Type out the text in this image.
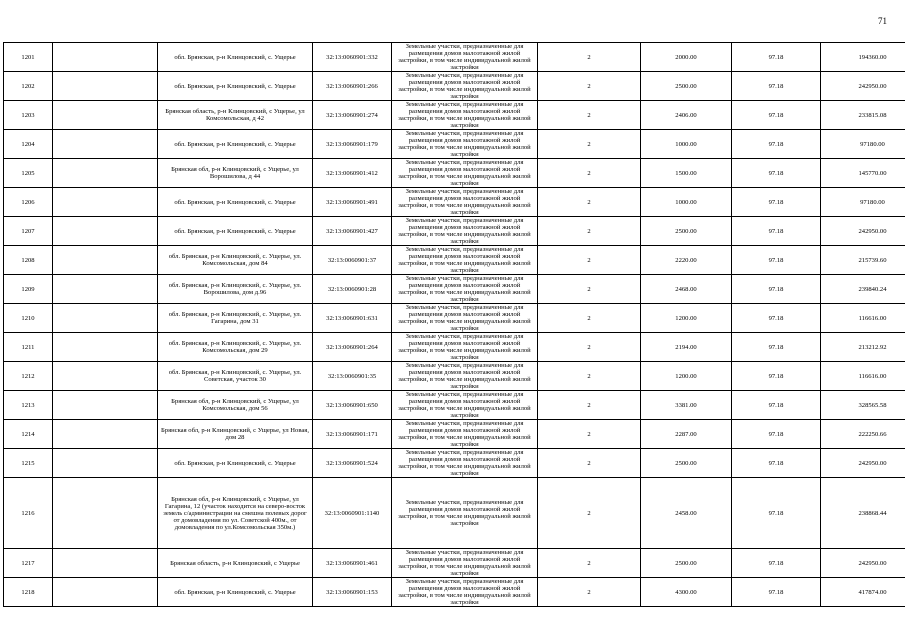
71
1201		обл. Брянская, р-н Клинцовский, с. Ущерье	32:13:0060901:332	Земельные участки, предназначенные для размещения домов малоэтажной жилой застройки, в том числе индивидуальной жилой застройки	2	2000.00	97.18	194360.00
1202		обл. Брянская, р-н Клинцовский, с. Ущерье	32:13:0060901:266	Земельные участки, предназначенные для размещения домов малоэтажной жилой застройки, в том числе индивидуальной жилой застройки	2	2500.00	97.18	242950.00
1203		Брянская область, р-н Клинцовский, с Ущерье, ул Комсомольская, д 42	32:13:0060901:274	Земельные участки, предназначенные для размещения домов малоэтажной жилой застройки, в том числе индивидуальной жилой застройки	2	2406.00	97.18	233815.08
1204		обл. Брянская, р-н Клинцовский, с. Ущерье	32:13:0060901:179	Земельные участки, предназначенные для размещения домов малоэтажной жилой застройки, в том числе индивидуальной жилой застройки	2	1000.00	97.18	97180.00
1205		Брянская обл, р-н Клинцовский, с Ущерье, ул Ворошилова, д 44	32:13:0060901:412	Земельные участки, предназначенные для размещения домов малоэтажной жилой застройки, в том числе индивидуальной жилой застройки	2	1500.00	97.18	145770.00
1206		обл. Брянская, р-н Клинцовский, с. Ущерье	32:13:0060901:491	Земельные участки, предназначенные для размещения домов малоэтажной жилой застройки, в том числе индивидуальной жилой застройки	2	1000.00	97.18	97180.00
1207		обл. Брянская, р-н Клинцовский, с. Ущерье	32:13:0060901:427	Земельные участки, предназначенные для размещения домов малоэтажной жилой застройки, в том числе индивидуальной жилой застройки	2	2500.00	97.18	242950.00
1208		обл. Брянская, р-н Клинцовский, с. Ущерье, ул. Комсомольская, дом 84	32:13:0060901:37	Земельные участки, предназначенные для размещения домов малоэтажной жилой застройки, в том числе индивидуальной жилой застройки	2	2220.00	97.18	215739.60
1209		обл. Брянская, р-н Клинцовский, с. Ущерье, ул. Ворошилова, дом д.96	32:13:0060901:28	Земельные участки, предназначенные для размещения домов малоэтажной жилой застройки, в том числе индивидуальной жилой застройки	2	2468.00	97.18	239840.24
1210		обл. Брянская, р-н Клинцовский, с. Ущерье, ул. Гагарина, дом 31	32:13:0060901:631	Земельные участки, предназначенные для размещения домов малоэтажной жилой застройки, в том числе индивидуальной жилой застройки	2	1200.00	97.18	116616.00
1211		обл. Брянская, р-н Клинцовский, с. Ущерье, ул. Комсомольская, дом 29	32:13:0060901:264	Земельные участки, предназначенные для размещения домов малоэтажной жилой застройки, в том числе индивидуальной жилой застройки	2	2194.00	97.18	213212.92
1212		обл. Брянская, р-н Клинцовский, с. Ущерье, ул. Советская, участок 30	32:13:0060901:35	Земельные участки, предназначенные для размещения домов малоэтажной жилой застройки, в том числе индивидуальной жилой застройки	2	1200.00	97.18	116616.00
1213		Брянская обл, р-н Клинцовский, с Ущерье, ул Комсомольская, дом 56	32:13:0060901:650	Земельные участки, предназначенные для размещения домов малоэтажной жилой застройки, в том числе индивидуальной жилой застройки	2	3381.00	97.18	328565.58
1214		Брянская обл, р-н Клинцовский, с Ущерье, ул Новая, дом 28	32:13:0060901:171	Земельные участки, предназначенные для размещения домов малоэтажной жилой застройки, в том числе индивидуальной жилой застройки	2	2287.00	97.18	222250.66
1215		обл. Брянская, р-н Клинцовский, с. Ущерье	32:13:0060901:524	Земельные участки, предназначенные для размещения домов малоэтажной жилой застройки, в том числе индивидуальной жилой застройки	2	2500.00	97.18	242950.00
1216		Брянская обл, р-н Клинцовский, с Ущерье, ул Гагарина, 12 (участок находится на северо-восток земель с/администрации на смешна полевых дорог от домовладения по ул. Советской 400м., от домовладения по ул.Комсомольская 350м.)	32:13:0060901:1140	Земельные участки, предназначенные для размещения домов малоэтажной жилой застройки, в том числе индивидуальной жилой застройки	2	2458.00	97.18	238868.44
1217		Брянская область, р-н Клинцовский, с Ущерье	32:13:0060901:461	Земельные участки, предназначенные для размещения домов малоэтажной жилой застройки, в том числе индивидуальной жилой застройки	2	2500.00	97.18	242950.00
1218		обл. Брянская, р-н Клинцовский, с. Ущерье	32:13:0060901:153	Земельные участки, предназначенные для размещения домов малоэтажной жилой застройки, в том числе индивидуальной жилой застройки	2	4300.00	97.18	417874.00
